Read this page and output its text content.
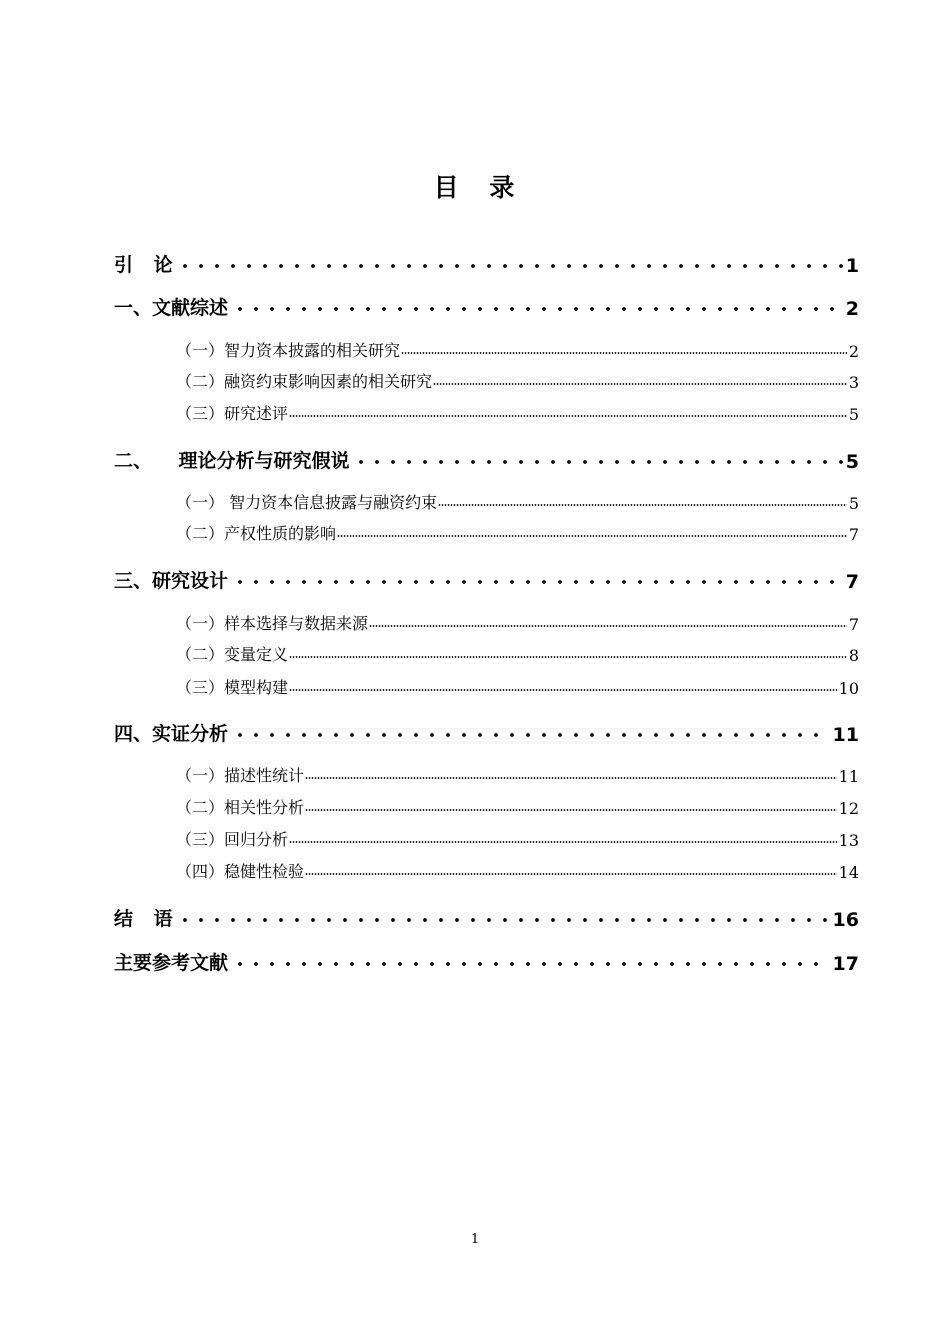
目 录
引 论	1
一、文献综述	2
（一）智力资本披露的相关研究	2
（二）融资约束影响因素的相关研究	3
（三）研究述评	5
二、    理论分析与研究假说	5
（一） 智力资本信息披露与融资约束	5
（二）产权性质的影响	7
三、研究设计	7
（一）样本选择与数据来源	7
（二）变量定义	8
（三）模型构建	10
四、实证分析	11
（一）描述性统计	11
（二）相关性分析	12
（三）回归分析	13
（四）稳健性检验	14
结 语	16
主要参考文献	17
1
